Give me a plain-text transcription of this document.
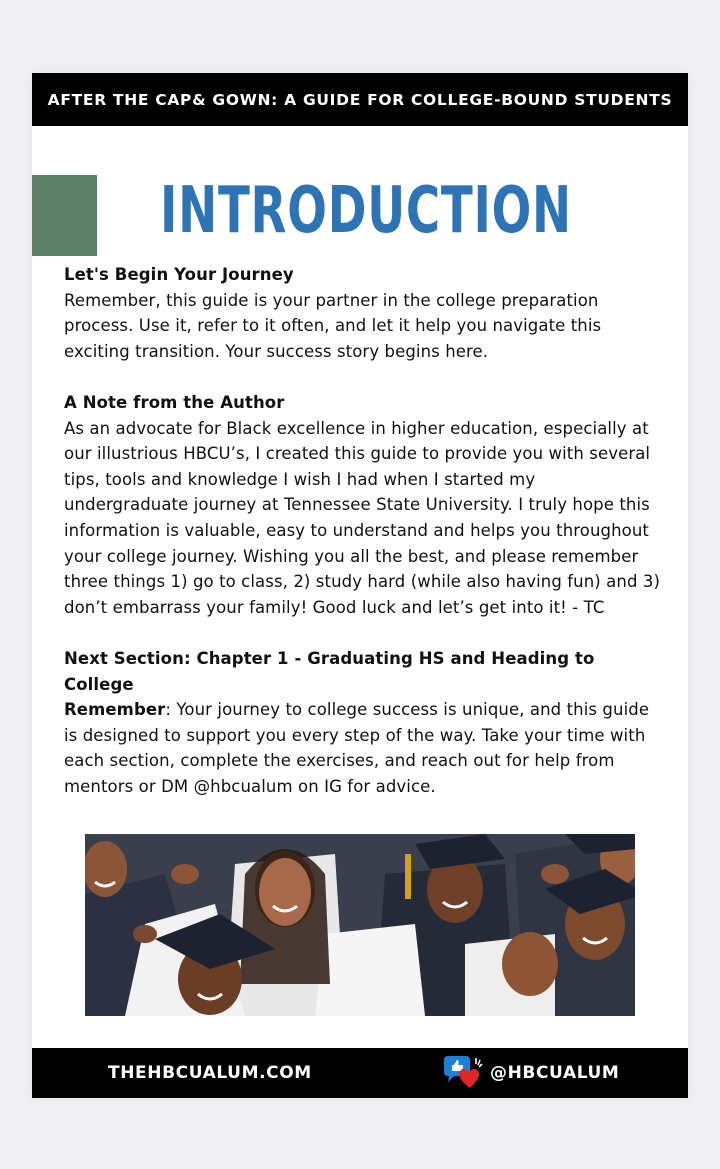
AFTER THE CAP& GOWN: A GUIDE FOR COLLEGE-BOUND STUDENTS
INTRODUCTION

Let's Begin Your Journey

Remember, this guide is your partner in the college preparation process. Use it, refer to it often, and let it help you navigate this exciting transition. Your success story begins here.

A Note from the Author

As an advocate for Black excellence in higher education, especially at our illustrious HBCU’s, I created this guide to provide you with several tips, tools and knowledge I wish I had when I started my undergraduate journey at Tennessee State University. I truly hope this information is valuable, easy to understand and helps you throughout your college journey. Wishing you all the best, and please remember three things 1) go to class, 2) study hard (while also having fun) and 3) don’t embarrass your family! Good luck and let’s get into it! - TC

Next Section: Chapter 1 - Graduating HS and Heading to College

Remember: Your journey to college success is unique, and this guide is designed to support you every step of the way. Take your time with each section, complete the exercises, and reach out for help from mentors or DM @hbcualum on IG for advice.

THEHBCUALUM.COM	@HBCUALUM
